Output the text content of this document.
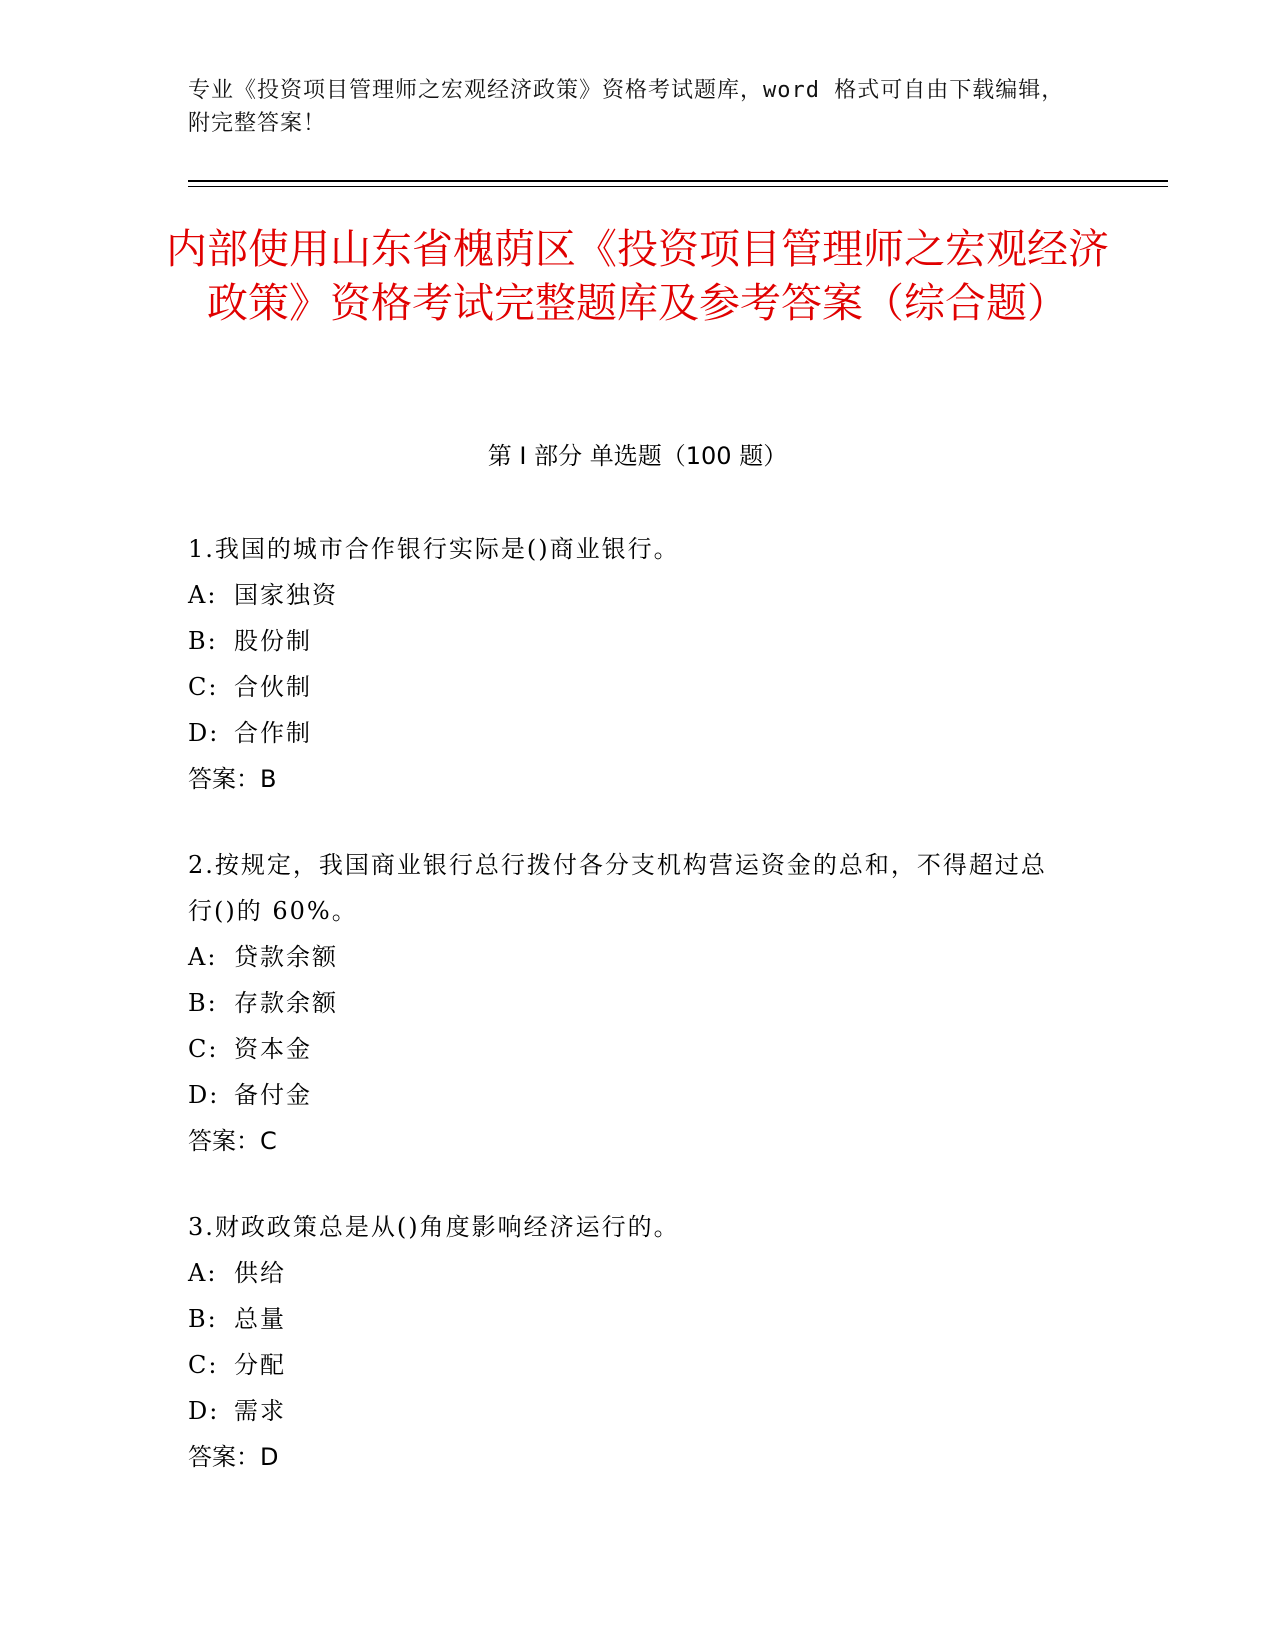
专业《投资项目管理师之宏观经济政策》资格考试题库，word 格式可自由下载编辑，附完整答案！
内部使用山东省槐荫区《投资项目管理师之宏观经济政策》资格考试完整题库及参考答案（综合题）
第 I 部分 单选题（100 题）

1.我国的城市合作银行实际是()商业银行。

A: 国家独资
B: 股份制
C: 合伙制
D: 合作制
答案：B

2.按规定，我国商业银行总行拨付各分支机构营运资金的总和，不得超过总行()的 60%。

A: 贷款余额
B: 存款余额
C: 资本金
D: 备付金
答案：C

3.财政政策总是从()角度影响经济运行的。

A: 供给
B: 总量
C: 分配
D: 需求
答案：D
